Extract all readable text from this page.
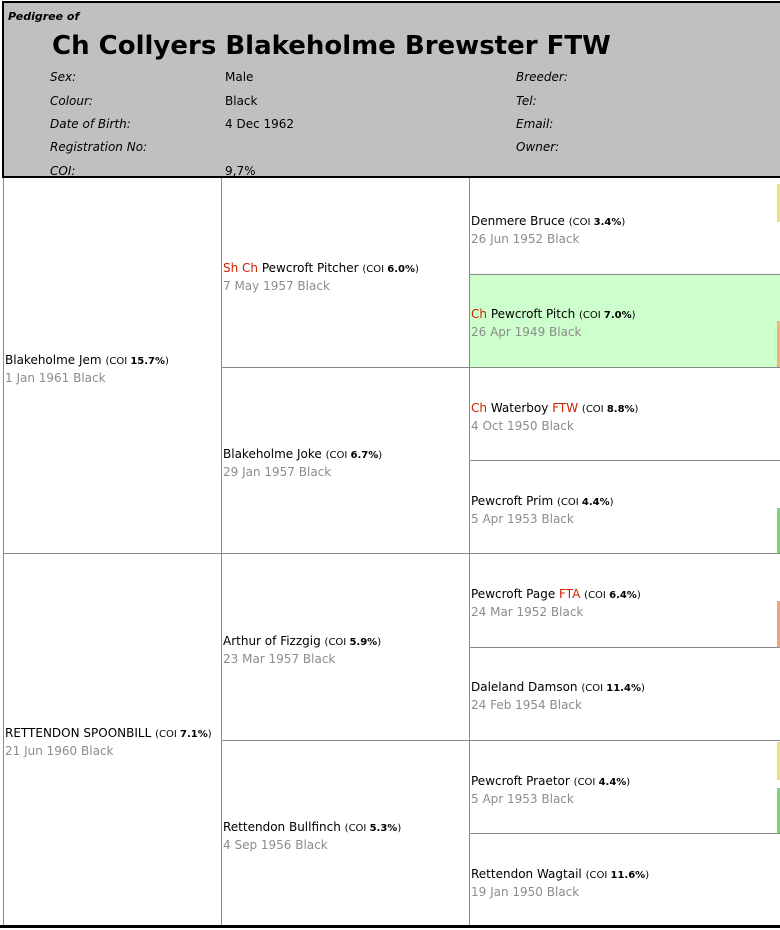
Pedigree of
Ch Collyers Blakeholme Brewster FTW
Sex:	Male
Colour:	Black
Date of Birth:	4 Dec 1962
Registration No:
COI:	9,7%
Breeder:
Tel:
Email:
Owner:
Blakeholme Jem (COI 15.7%)
1 Jan 1961 Black
RETTENDON SPOONBILL (COI 7.1%)
21 Jun 1960 Black
Sh Ch Pewcroft Pitcher (COI 6.0%)
7 May 1957 Black
Blakeholme Joke (COI 6.7%)
29 Jan 1957 Black
Arthur of Fizzgig (COI 5.9%)
23 Mar 1957 Black
Rettendon Bullfinch (COI 5.3%)
4 Sep 1956 Black
Denmere Bruce (COI 3.4%)
26 Jun 1952 Black
Ch Pewcroft Pitch (COI 7.0%)
26 Apr 1949 Black
Ch Waterboy FTW (COI 8.8%)
4 Oct 1950 Black
Pewcroft Prim (COI 4.4%)
5 Apr 1953 Black
Pewcroft Page FTA (COI 6.4%)
24 Mar 1952 Black
Daleland Damson (COI 11.4%)
24 Feb 1954 Black
Pewcroft Praetor (COI 4.4%)
5 Apr 1953 Black
Rettendon Wagtail (COI 11.6%)
19 Jan 1950 Black
